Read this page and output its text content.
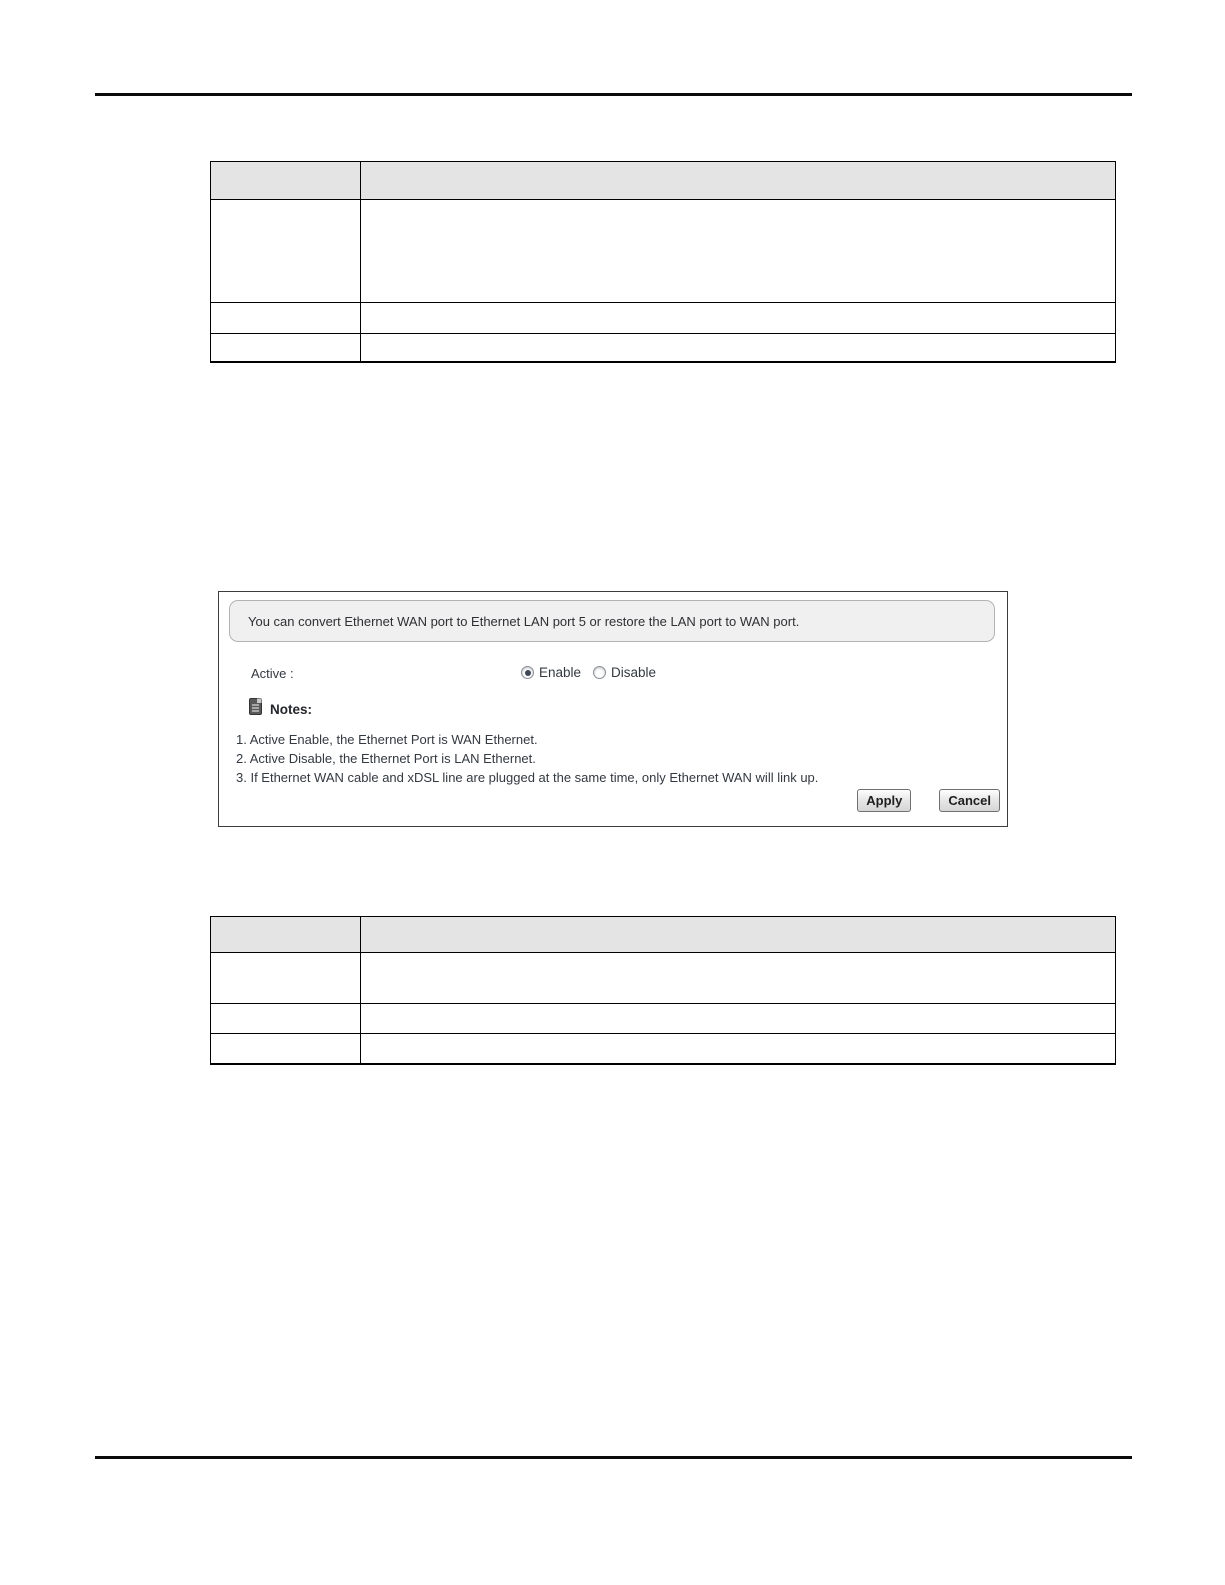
You can convert Ethernet WAN port to Ethernet LAN port 5 or restore the LAN port to WAN port.
Active :	Enable Disable
Notes:
1. Active Enable, the Ethernet Port is WAN Ethernet.
2. Active Disable, the Ethernet Port is LAN Ethernet.
3. If Ethernet WAN cable and xDSL line are plugged at the same time, only Ethernet WAN will link up.
Apply	Cancel
